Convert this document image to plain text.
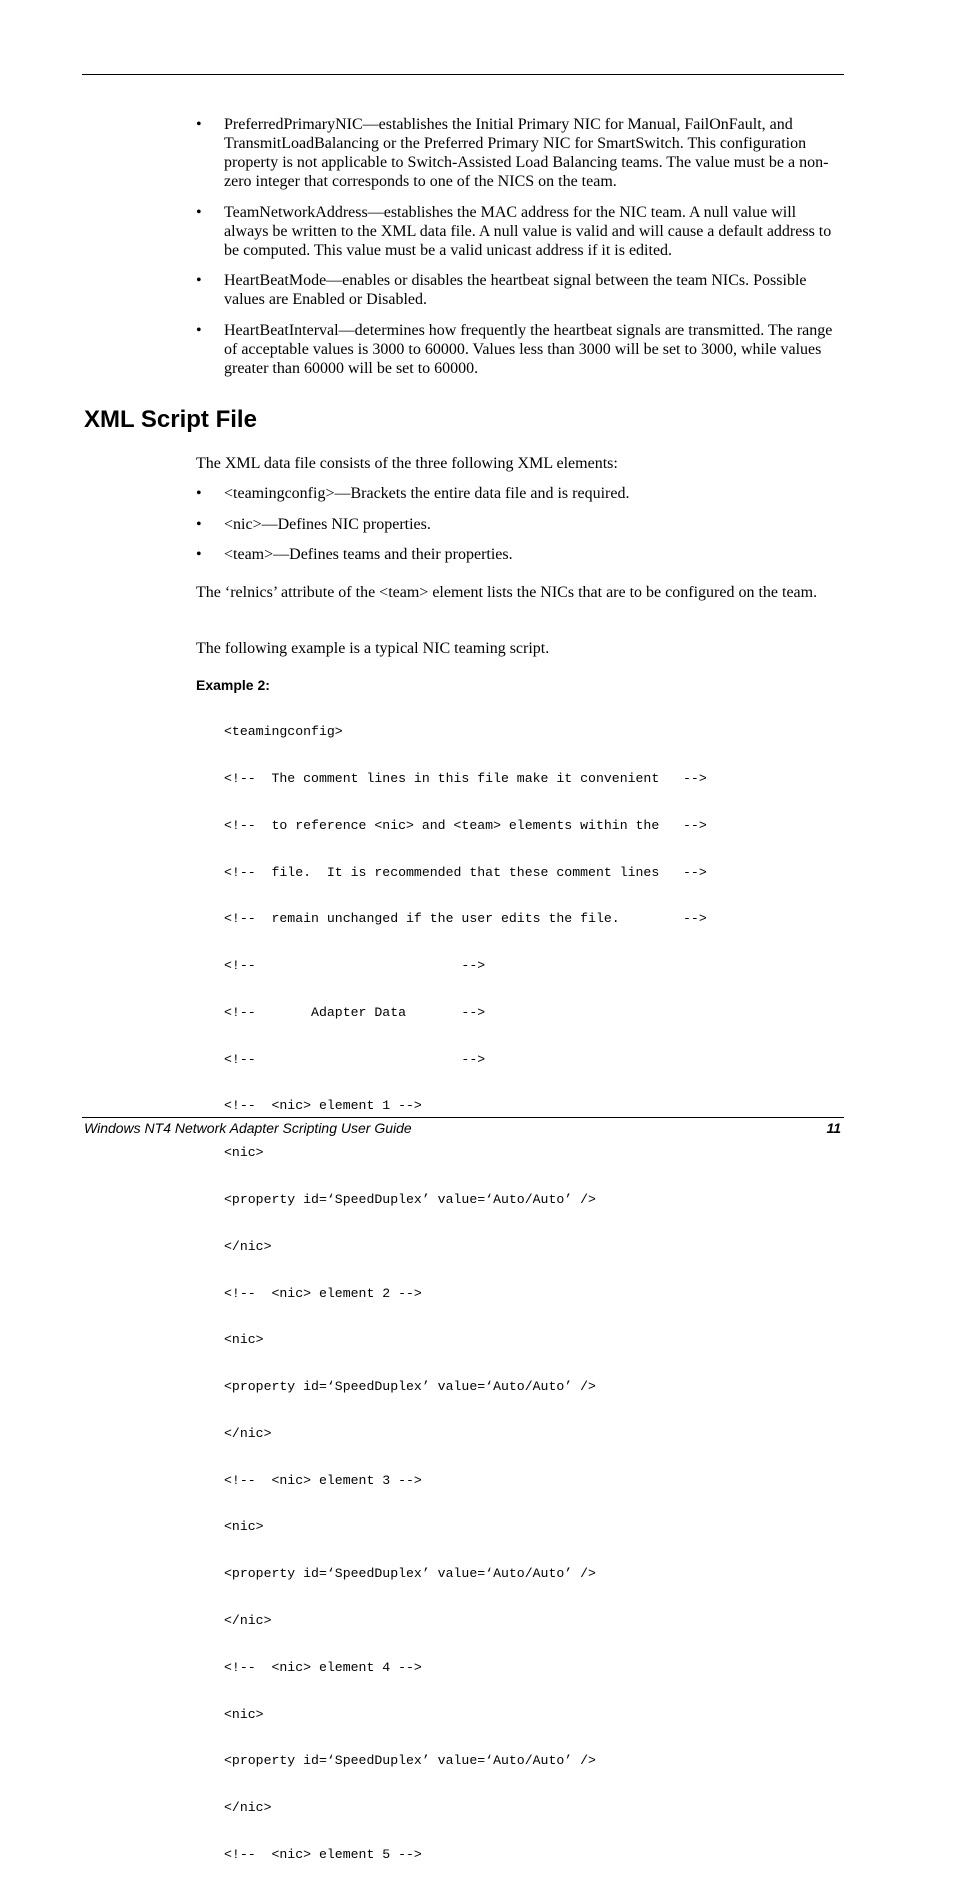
• PreferredPrimaryNIC—establishes the Initial Primary NIC for Manual, FailOnFault, and TransmitLoadBalancing or the Preferred Primary NIC for SmartSwitch. This configuration property is not applicable to Switch-Assisted Load Balancing teams. The value must be a non-zero integer that corresponds to one of the NICS on the team.
• TeamNetworkAddress—establishes the MAC address for the NIC team. A null value will always be written to the XML data file. A null value is valid and will cause a default address to be computed. This value must be a valid unicast address if it is edited.
• HeartBeatMode—enables or disables the heartbeat signal between the team NICs. Possible values are Enabled or Disabled.
• HeartBeatInterval—determines how frequently the heartbeat signals are transmitted. The range of acceptable values is 3000 to 60000. Values less than 3000 will be set to 3000, while values greater than 60000 will be set to 60000.
XML Script File

The XML data file consists of the three following XML elements:

• <teamingconfig>—Brackets the entire data file and is required.
• <nic>—Defines NIC properties.
• <team>—Defines teams and their properties.

The ‘relnics’ attribute of the <team> element lists the NICs that are to be configured on the team.

The following example is a typical NIC teaming script.

Example 2:

<teamingconfig>

<!--  The comment lines in this file make it convenient   -->

<!--  to reference <nic> and <team> elements within the   -->

<!--  file.  It is recommended that these comment lines   -->

<!--  remain unchanged if the user edits the file.        -->

<!--                          -->

<!--       Adapter Data       -->

<!--                          -->

<!--  <nic> element 1 -->

<nic>

<property id=‘SpeedDuplex’ value=‘Auto/Auto’ />

</nic>

<!--  <nic> element 2 -->

<nic>

<property id=‘SpeedDuplex’ value=‘Auto/Auto’ />

</nic>

<!--  <nic> element 3 -->

<nic>

<property id=‘SpeedDuplex’ value=‘Auto/Auto’ />

</nic>

<!--  <nic> element 4 -->

<nic>

<property id=‘SpeedDuplex’ value=‘Auto/Auto’ />

</nic>

<!--  <nic> element 5 -->

Windows NT4 Network Adapter Scripting User Guide	11
